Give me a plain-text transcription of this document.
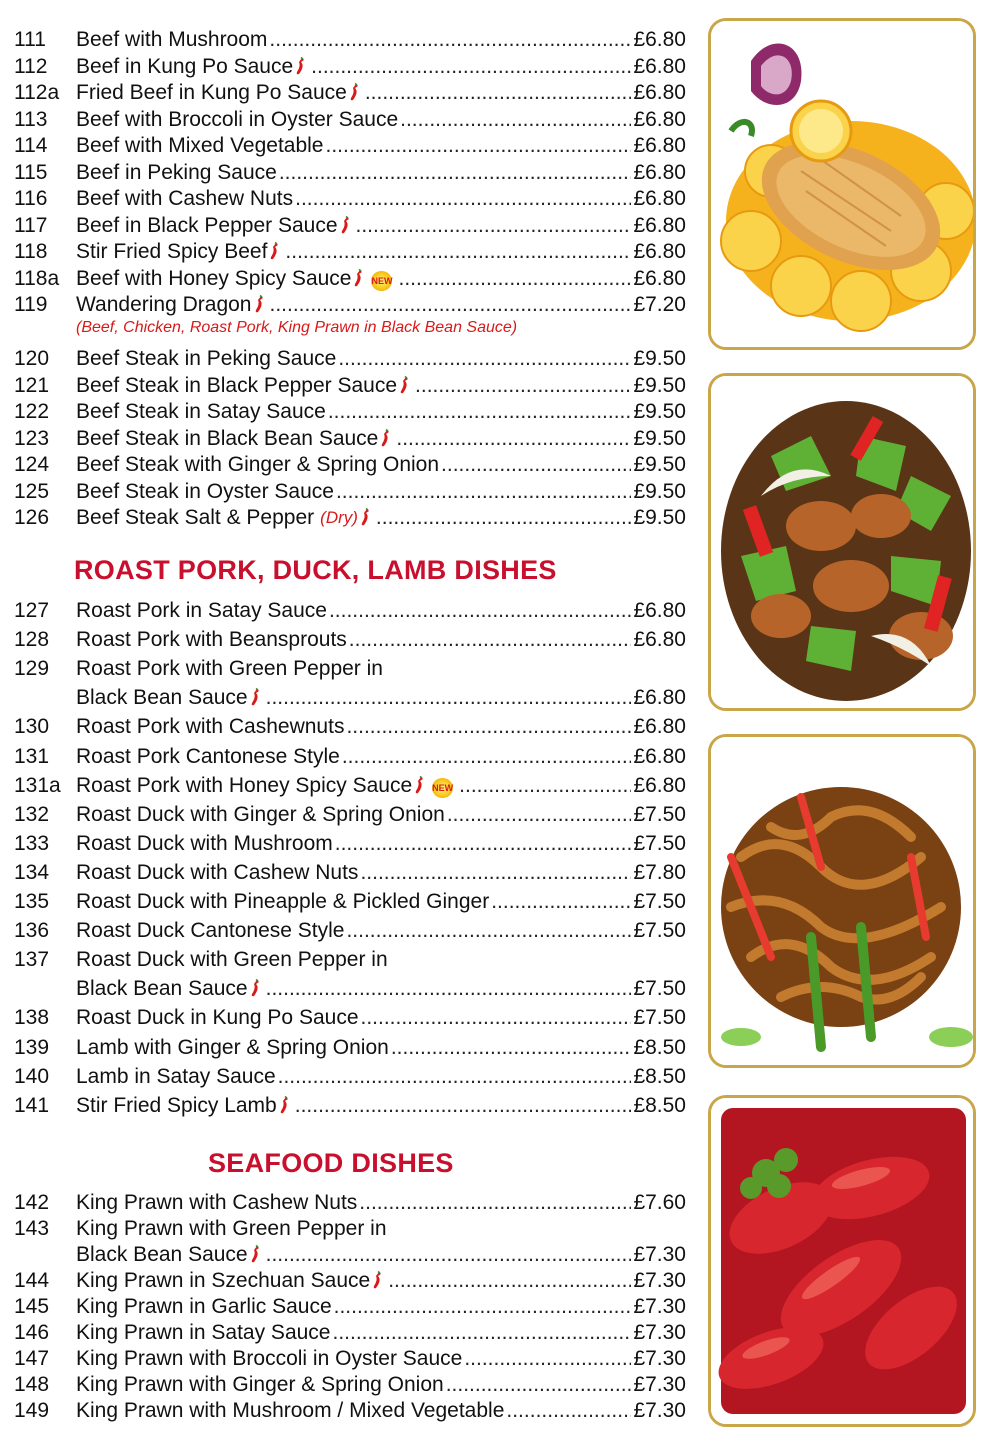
111	Beef with Mushroom .....	£6.80
112	Beef in Kung Po Sauce .....	£6.80
112a Fried Beef in Kung Po Sauce .....	£6.80
113	Beef with Broccoli in Oyster Sauce .....	£6.80
114	Beef with Mixed Vegetable .....	£6.80
115	Beef in Peking Sauce .....	£6.80
116	Beef with Cashew Nuts .....	£6.80
117	Beef in Black Pepper Sauce .....	£6.80
118	Stir Fried Spicy Beef .....	£6.80
118a Beef with Honey Spicy Sauce NEW .....	£6.80
119	Wandering Dragon .....	£7.20
120	Beef Steak in Peking Sauce .....	£9.50
121	Beef Steak in Black Pepper Sauce .....	£9.50
122	Beef Steak in Satay Sauce .....	£9.50
123	Beef Steak in Black Bean Sauce .....	£9.50
124	Beef Steak with Ginger & Spring Onion .....	£9.50
125	Beef Steak in Oyster Sauce .....	£9.50
126	Beef Steak Salt & Pepper (Dry) .....	£9.50
127	Roast Pork in Satay Sauce .....	£6.80
128	Roast Pork with Beansprouts .....	£6.80
129	Roast Pork with Green Pepper in
Black Bean Sauce .....	£6.80
130	Roast Pork with Cashewnuts .....	£6.80
131	Roast Pork Cantonese Style .....	£6.80
131a Roast Pork with Honey Spicy Sauce NEW .....	£6.80
132	Roast Duck with Ginger & Spring Onion .....	£7.50
133	Roast Duck with Mushroom .....	£7.50
134	Roast Duck with Cashew Nuts .....	£7.80
135	Roast Duck with Pineapple & Pickled Ginger .....	£7.50
136	Roast Duck Cantonese Style .....	£7.50
137	Roast Duck with Green Pepper in
Black Bean Sauce .....	£7.50
138	Roast Duck in Kung Po Sauce .....	£7.50
139	Lamb with Ginger & Spring Onion .....	£8.50
140	Lamb in Satay Sauce .....	£8.50
141	Stir Fried Spicy Lamb .....	£8.50
142	King Prawn with Cashew Nuts .....	£7.60
143	King Prawn with Green Pepper in
Black Bean Sauce .....	£7.30
144	King Prawn in Szechuan Sauce .....	£7.30
145	King Prawn in Garlic Sauce .....	£7.30
146	King Prawn in Satay Sauce .....	£7.30
147	King Prawn with Broccoli in Oyster Sauce .....	£7.30
148	King Prawn with Ginger & Spring Onion .....	£7.30
149	King Prawn with Mushroom / Mixed Vegetable .....	£7.30
ROAST PORK, DUCK, LAMB DISHES
SEAFOOD DISHES
(Beef, Chicken, Roast Pork, King Prawn in Black Bean Sauce)
